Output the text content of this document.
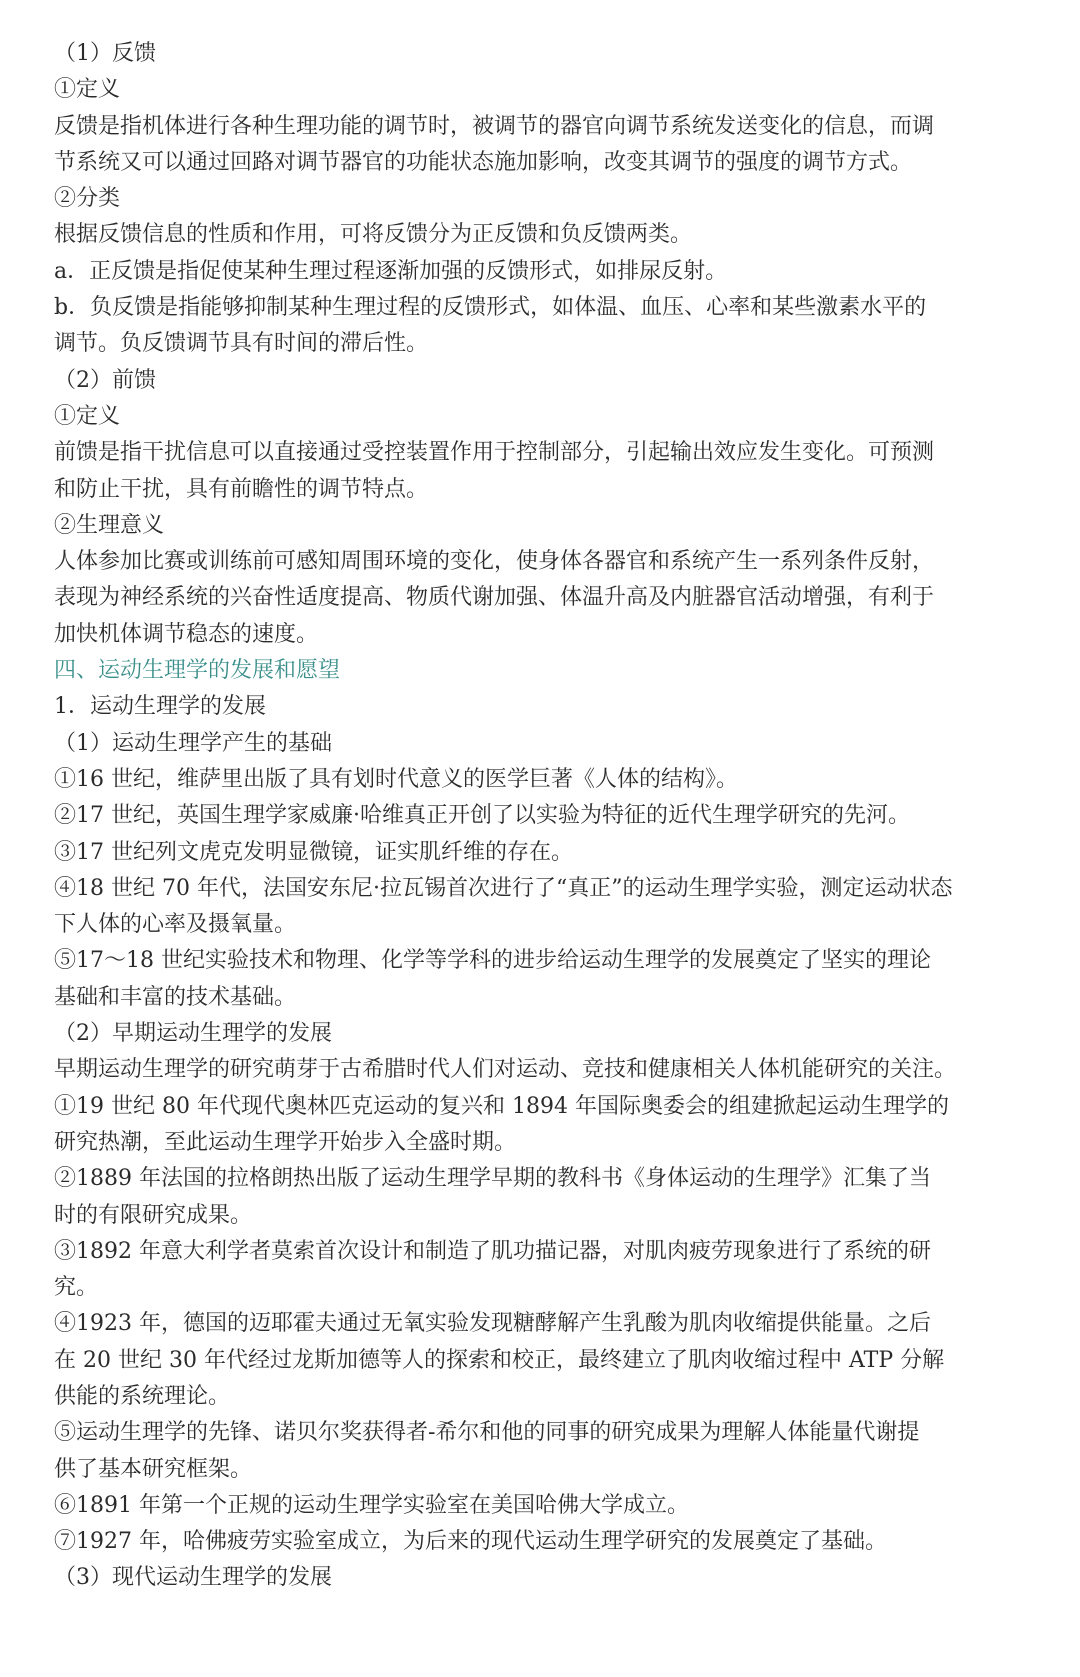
（1）反馈

①定义

反馈是指机体进行各种生理功能的调节时，被调节的器官向调节系统发送变化的信息，而调

节系统又可以通过回路对调节器官的功能状态施加影响，改变其调节的强度的调节方式。

②分类

根据反馈信息的性质和作用，可将反馈分为正反馈和负反馈两类。

a．正反馈是指促使某种生理过程逐渐加强的反馈形式，如排尿反射。

b．负反馈是指能够抑制某种生理过程的反馈形式，如体温、血压、心率和某些激素水平的

调节。负反馈调节具有时间的滞后性。

（2）前馈

①定义

前馈是指干扰信息可以直接通过受控装置作用于控制部分，引起输出效应发生变化。可预测

和防止干扰，具有前瞻性的调节特点。

②生理意义

人体参加比赛或训练前可感知周围环境的变化，使身体各器官和系统产生一系列条件反射，

表现为神经系统的兴奋性适度提高、物质代谢加强、体温升高及内脏器官活动增强，有利于

加快机体调节稳态的速度。

四、运动生理学的发展和愿望

1．运动生理学的发展

（1）运动生理学产生的基础

①16 世纪，维萨里出版了具有划时代意义的医学巨著《人体的结构》。

②17 世纪，英国生理学家威廉·哈维真正开创了以实验为特征的近代生理学研究的先河。

③17 世纪列文虎克发明显微镜，证实肌纤维的存在。

④18 世纪 70 年代，法国安东尼·拉瓦锡首次进行了“真正”的运动生理学实验，测定运动状态

下人体的心率及摄氧量。

⑤17～18 世纪实验技术和物理、化学等学科的进步给运动生理学的发展奠定了坚实的理论

基础和丰富的技术基础。

（2）早期运动生理学的发展

早期运动生理学的研究萌芽于古希腊时代人们对运动、竞技和健康相关人体机能研究的关注。

①19 世纪 80 年代现代奥林匹克运动的复兴和 1894 年国际奥委会的组建掀起运动生理学的

研究热潮，至此运动生理学开始步入全盛时期。

②1889 年法国的拉格朗热出版了运动生理学早期的教科书《身体运动的生理学》汇集了当

时的有限研究成果。

③1892 年意大利学者莫索首次设计和制造了肌功描记器，对肌肉疲劳现象进行了系统的研

究。

④1923 年，德国的迈耶霍夫通过无氧实验发现糖酵解产生乳酸为肌肉收缩提供能量。之后

在 20 世纪 30 年代经过龙斯加德等人的探索和校正，最终建立了肌肉收缩过程中 ATP 分解

供能的系统理论。

⑤运动生理学的先锋、诺贝尔奖获得者-希尔和他的同事的研究成果为理解人体能量代谢提

供了基本研究框架。

⑥1891 年第一个正规的运动生理学实验室在美国哈佛大学成立。

⑦1927 年，哈佛疲劳实验室成立，为后来的现代运动生理学研究的发展奠定了基础。

（3）现代运动生理学的发展
